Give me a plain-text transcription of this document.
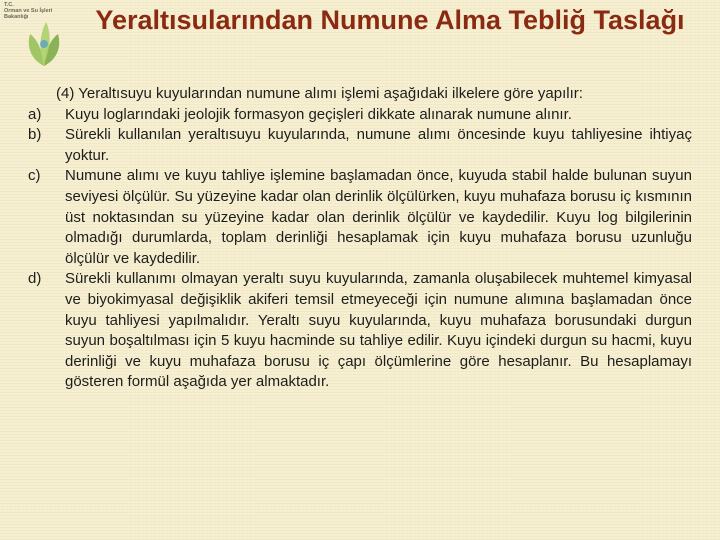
T.C.
Orman ve Su İşleri
Bakanlığı	Yeraltısularından Numune Alma Tebliğ Taslağı

(4) Yeraltısuyu kuyularından numune alımı işlemi aşağıdaki ilkelere göre yapılır:

a)	Kuyu loglarındaki jeolojik formasyon geçişleri dikkate alınarak numune alınır.
b)	Sürekli kullanılan yeraltısuyu kuyularında, numune alımı öncesinde kuyu tahliyesine ihtiyaç yoktur.
c)	Numune alımı ve kuyu tahliye işlemine başlamadan önce, kuyuda stabil halde bulunan suyun seviyesi ölçülür. Su yüzeyine kadar olan derinlik ölçülürken, kuyu muhafaza borusu iç kısmının üst noktasından su yüzeyine kadar olan derinlik ölçülür ve kaydedilir. Kuyu log bilgilerinin olmadığı durumlarda, toplam derinliği hesaplamak için kuyu muhafaza borusu uzunluğu ölçülür ve kaydedilir.
d)	Sürekli kullanımı olmayan yeraltı suyu kuyularında, zamanla oluşabilecek muhtemel kimyasal ve biyokimyasal değişiklik akiferi temsil etmeyeceği için numune alımına başlamadan önce kuyu tahliyesi yapılmalıdır. Yeraltı suyu kuyularında, kuyu muhafaza borusundaki durgun suyun boşaltılması için 5 kuyu hacminde su tahliye edilir. Kuyu içindeki durgun su hacmi, kuyu derinliği ve kuyu muhafaza borusu iç çapı ölçümlerine göre hesaplanır. Bu hesaplamayı gösteren formül aşağıda yer almaktadır.
